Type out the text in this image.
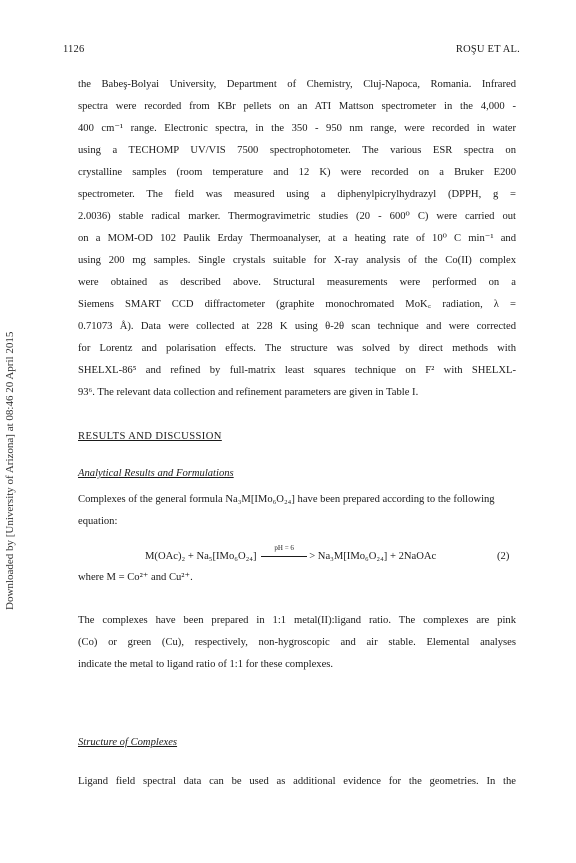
1126	ROŞU ET AL.
Downloaded by [University of Arizona] at 08:46 20 April 2015
the Babeş-Bolyai University, Department of Chemistry, Cluj-Napoca, Romania. Infrared
spectra were recorded from KBr pellets on an ATI Mattson spectrometer in the 4,000 -
400 cm⁻¹ range. Electronic spectra, in the 350 - 950 nm range, were recorded in water
using a TECHOMP UV/VIS 7500 spectrophotometer. The various ESR spectra on
crystalline samples (room temperature and 12 K) were recorded on a Bruker E200
spectrometer. The field was measured using a diphenylpicrylhydrazyl (DPPH, g =
2.0036) stable radical marker. Thermogravimetric studies (20 - 600⁰ C) were carried out
on a MOM-OD 102 Paulik Erday Thermoanalyser, at a heating rate of 10⁰ C min⁻¹ and
using 200 mg samples. Single crystals suitable for X-ray analysis of the Co(II) complex
were obtained as described above. Structural measurements were performed on a
Siemens SMART CCD diffractometer (graphite monochromated MoK꜀ radiation, λ =
0.71073 Å). Data were collected at 228 K using θ-2θ scan technique and were corrected
for Lorentz and polarisation effects. The structure was solved by direct methods with
SHELXL-86⁵ and refined by full-matrix least squares technique on F² with SHELXL-
93⁶. The relevant data collection and refinement parameters are given in Table I.
RESULTS AND DISCUSSION
Analytical Results and Formulations
Complexes of the general formula Na₃M[IMo₆O₂₄] have been prepared according to the following equation:
M(OAc)₂ + Na₅[IMo₆O₂₄]
pH = 6
> Na₃M[IMo₆O₂₄] + 2NaOAc	(2)
where M = Co²⁺ and Cu²⁺.
The complexes have been prepared in 1:1 metal(II):ligand ratio. The complexes are pink
(Co) or green (Cu), respectively, non-hygroscopic and air stable. Elemental analyses
indicate the metal to ligand ratio of 1:1 for these complexes.
Structure of Complexes
Ligand field spectral data can be used as additional evidence for the geometries. In the
